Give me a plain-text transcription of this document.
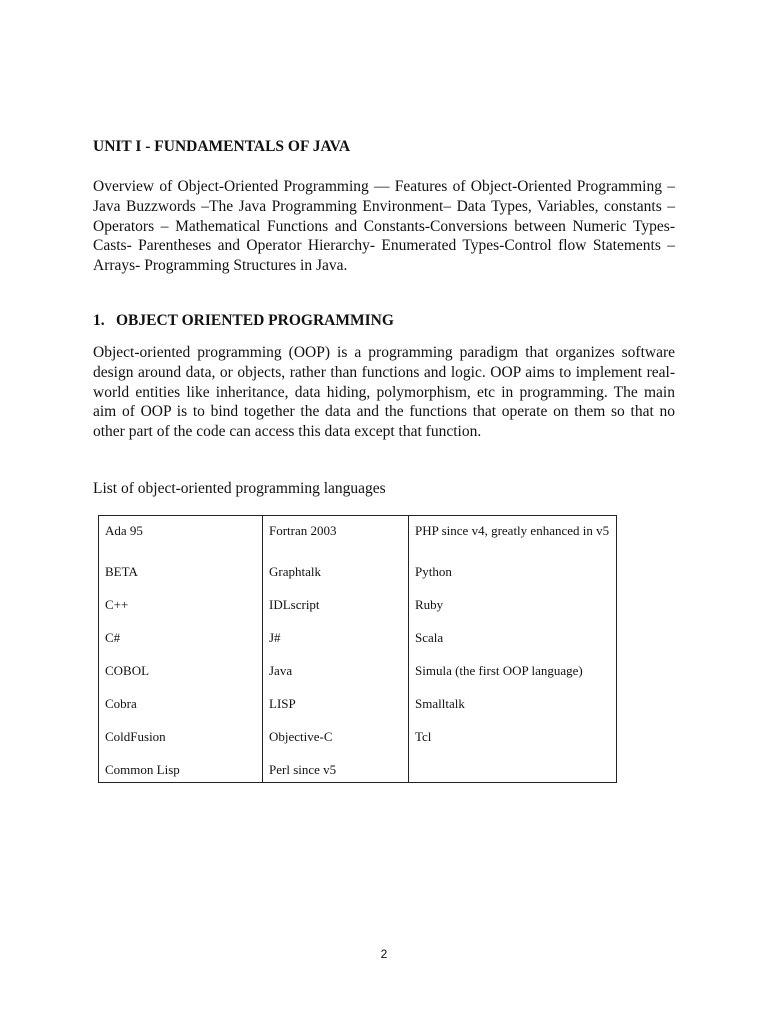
UNIT I - FUNDAMENTALS OF JAVA

Overview of Object-Oriented Programming — Features of Object-Oriented Programming – Java Buzzwords –The Java Programming Environment– Data Types, Variables, constants –Operators – Mathematical Functions and Constants-Conversions between Numeric Types- Casts- Parentheses and Operator Hierarchy- Enumerated Types-Control flow Statements – Arrays- Programming Structures in Java.

1. OBJECT ORIENTED PROGRAMMING

Object-oriented programming (OOP) is a programming paradigm that organizes software design around data, or objects, rather than functions and logic. OOP aims to implement real-world entities like inheritance, data hiding, polymorphism, etc in programming. The main aim of OOP is to bind together the data and the functions that operate on them so that no other part of the code can access this data except that function.

List of object-oriented programming languages

Ada 95	Fortran 2003	PHP since v4, greatly enhanced in v5
BETA	Graphtalk	Python
C++	IDLscript	Ruby
C#	J#	Scala
COBOL	Java	Simula (the first OOP language)
Cobra	LISP	Smalltalk
ColdFusion	Objective-C	Tcl
Common Lisp	Perl since v5	

2
